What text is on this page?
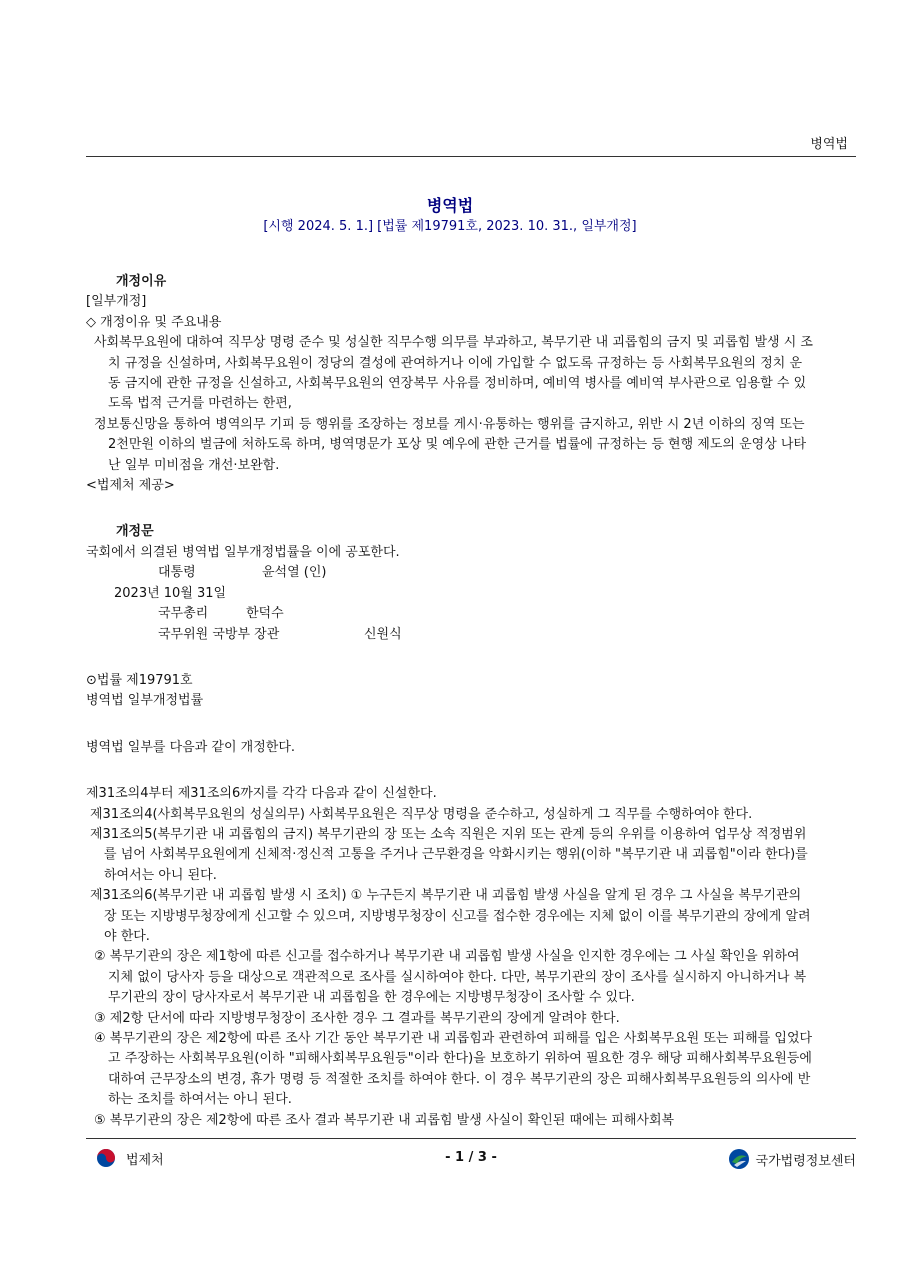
병역법
병역법
[시행 2024. 5. 1.] [법률 제19791호, 2023. 10. 31., 일부개정]

개정이유

[일부개정]

◇ 개정이유 및 주요내용

사회복무요원에 대하여 직무상 명령 준수 및 성실한 직무수행 의무를 부과하고, 복무기관 내 괴롭힘의 금지 및 괴롭힘 발생 시 조치 규정을 신설하며, 사회복무요원이 정당의 결성에 관여하거나 이에 가입할 수 없도록 규정하는 등 사회복무요원의 정치 운동 금지에 관한 규정을 신설하고, 사회복무요원의 연장복무 사유를 정비하며, 예비역 병사를 예비역 부사관으로 임용할 수 있도록 법적 근거를 마련하는 한편,

정보통신망을 통하여 병역의무 기피 등 행위를 조장하는 정보를 게시·유통하는 행위를 금지하고, 위반 시 2년 이하의 징역 또는 2천만원 이하의 벌금에 처하도록 하며, 병역명문가 포상 및 예우에 관한 근거를 법률에 규정하는 등 현행 제도의 운영상 나타난 일부 미비점을 개선·보완함.

<법제처 제공>

개정문

국회에서 의결된 병역법 일부개정법률을 이에 공포한다.

대통령	윤석열 (인)

2023년 10월 31일

국무총리	한덕수

국무위원 국방부 장관	신원식

⊙법률 제19791호

병역법 일부개정법률

병역법 일부를 다음과 같이 개정한다.

제31조의4부터 제31조의6까지를 각각 다음과 같이 신설한다.

제31조의4(사회복무요원의 성실의무) 사회복무요원은 직무상 명령을 준수하고, 성실하게 그 직무를 수행하여야 한다.

제31조의5(복무기관 내 괴롭힘의 금지) 복무기관의 장 또는 소속 직원은 지위 또는 관계 등의 우위를 이용하여 업무상 적정범위를 넘어 사회복무요원에게 신체적·정신적 고통을 주거나 근무환경을 악화시키는 행위(이하 "복무기관 내 괴롭힘"이라 한다)를 하여서는 아니 된다.

제31조의6(복무기관 내 괴롭힘 발생 시 조치) ① 누구든지 복무기관 내 괴롭힘 발생 사실을 알게 된 경우 그 사실을 복무기관의 장 또는 지방병무청장에게 신고할 수 있으며, 지방병무청장이 신고를 접수한 경우에는 지체 없이 이를 복무기관의 장에게 알려야 한다.

② 복무기관의 장은 제1항에 따른 신고를 접수하거나 복무기관 내 괴롭힘 발생 사실을 인지한 경우에는 그 사실 확인을 위하여 지체 없이 당사자 등을 대상으로 객관적으로 조사를 실시하여야 한다. 다만, 복무기관의 장이 조사를 실시하지 아니하거나 복무기관의 장이 당사자로서 복무기관 내 괴롭힘을 한 경우에는 지방병무청장이 조사할 수 있다.

③ 제2항 단서에 따라 지방병무청장이 조사한 경우 그 결과를 복무기관의 장에게 알려야 한다.

④ 복무기관의 장은 제2항에 따른 조사 기간 동안 복무기관 내 괴롭힘과 관련하여 피해를 입은 사회복무요원 또는 피해를 입었다고 주장하는 사회복무요원(이하 "피해사회복무요원등"이라 한다)을 보호하기 위하여 필요한 경우 해당 피해사회복무요원등에 대하여 근무장소의 변경, 휴가 명령 등 적절한 조치를 하여야 한다. 이 경우 복무기관의 장은 피해사회복무요원등의 의사에 반하는 조치를 하여서는 아니 된다.

⑤ 복무기관의 장은 제2항에 따른 조사 결과 복무기관 내 괴롭힘 발생 사실이 확인된 때에는 피해사회복

법제처	- 1 / 3 -	국가법령정보센터
